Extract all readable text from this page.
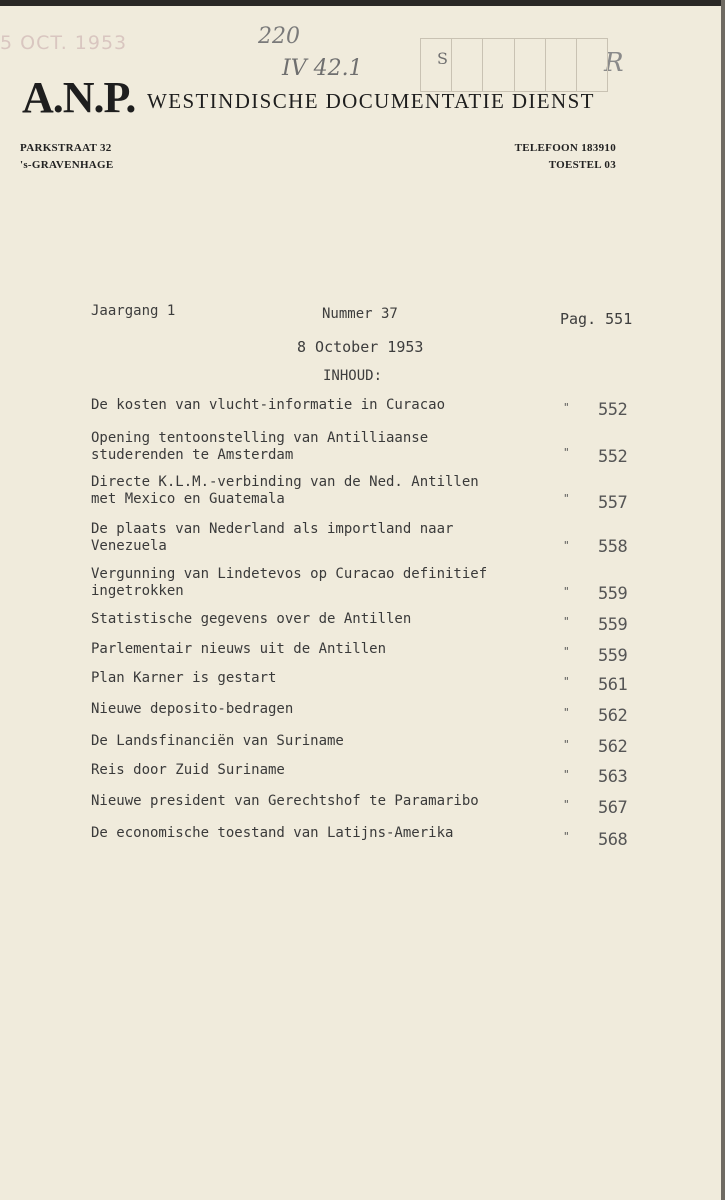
5 OCT. 1953	220
IV 42.1	R
S
A.N.P. WESTINDISCHE DOCUMENTATIE DIENST
PARKSTRAAT 32
's-GRAVENHAGE
TELEFOON 183910
TOESTEL 03
Jaargang 1	Nummer 37	Pag. 551
8 October 1953
INHOUD:
De kosten van vlucht-informatie in Curacao	" 552
Opening tentoonstelling van Antilliaanse
studerenden te Amsterdam	" 552
Directe K.L.M.-verbinding van de Ned. Antillen
met Mexico en Guatemala	" 557
De plaats van Nederland als importland naar
Venezuela	" 558
Vergunning van Lindetevos op Curacao definitief
ingetrokken	" 559
Statistische gegevens over de Antillen	" 559
Parlementair nieuws uit de Antillen	" 559
Plan Karner is gestart	" 561
Nieuwe deposito-bedragen	" 562
De Landsfinanciën van Suriname	" 562
Reis door Zuid Suriname	" 563
Nieuwe president van Gerechtshof te Paramaribo	" 567
De economische toestand van Latijns-Amerika	" 568
